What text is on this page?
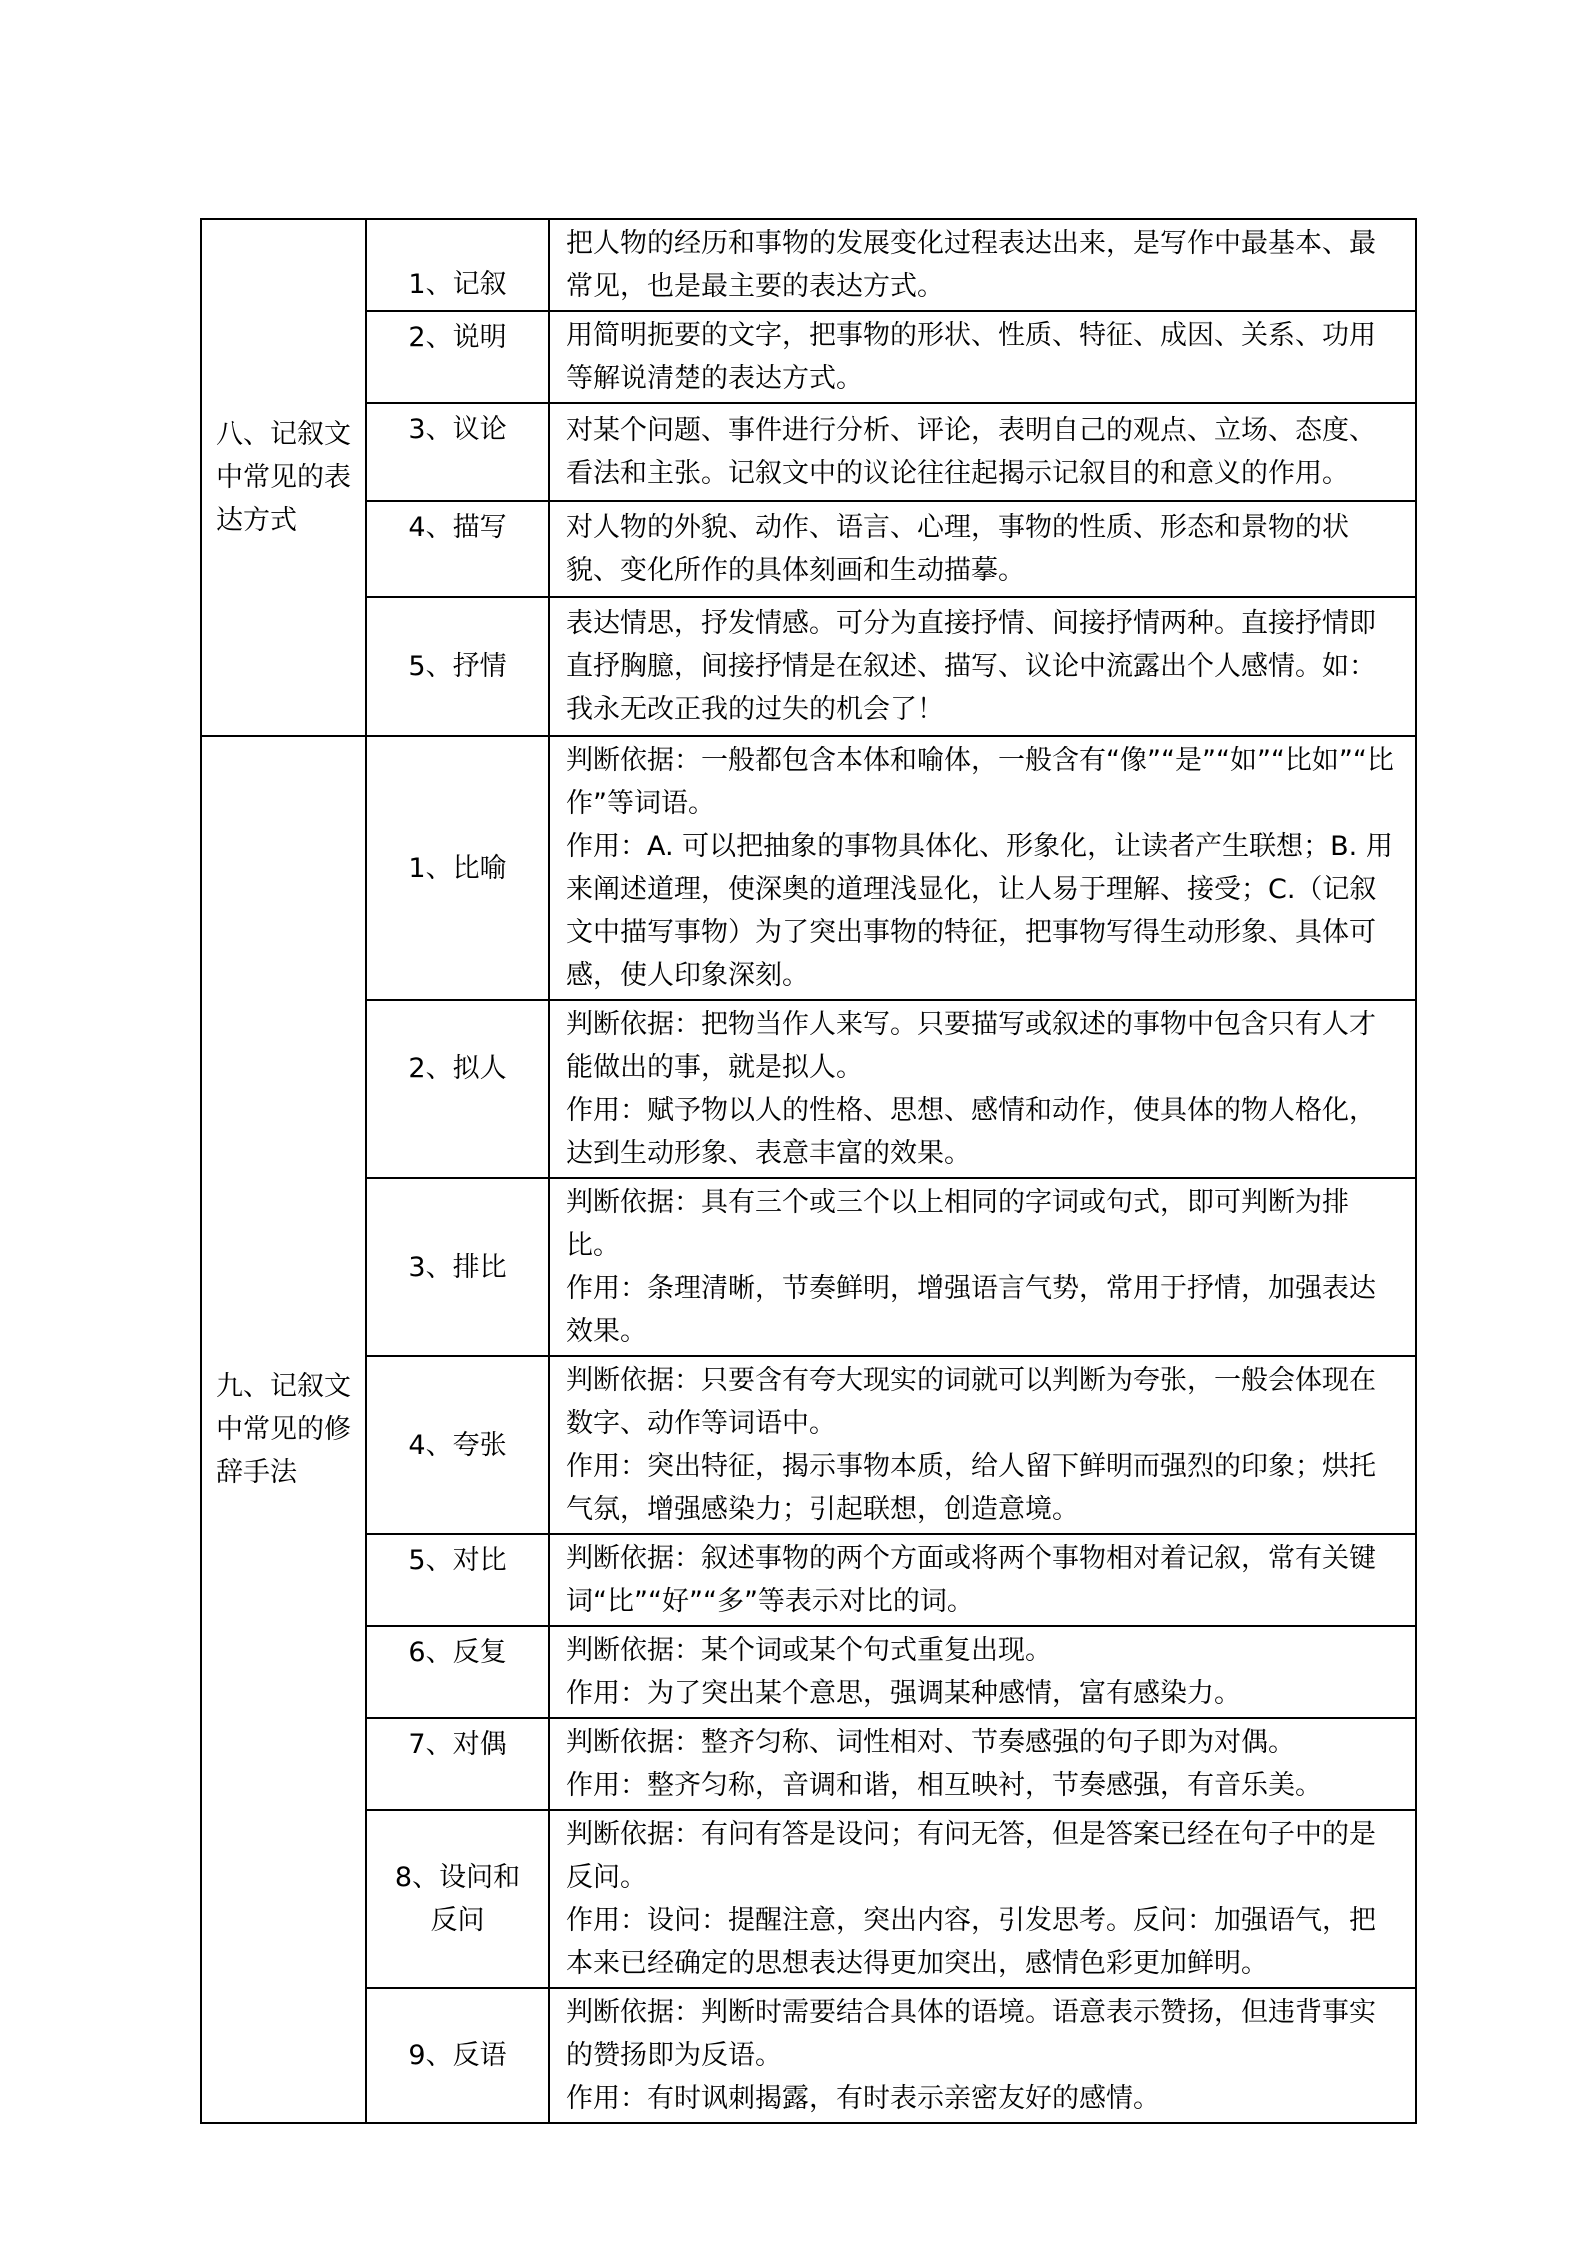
八、记叙文中常见的表达方式	1、记叙	把人物的经历和事物的发展变化过程表达出来，是写作中最基本、最常见，也是最主要的表达方式。

	2、说明	用简明扼要的文字，把事物的形状、性质、特征、成因、关系、功用等解说清楚的表达方式。

	3、议论	对某个问题、事件进行分析、评论，表明自己的观点、立场、态度、看法和主张。记叙文中的议论往往起揭示记叙目的和意义的作用。

	4、描写	对人物的外貌、动作、语言、心理，事物的性质、形态和景物的状貌、变化所作的具体刻画和生动描摹。

	5、抒情	表达情思，抒发情感。可分为直接抒情、间接抒情两种。直接抒情即直抒胸臆，间接抒情是在叙述、描写、议论中流露出个人感情。如：我永无改正我的过失的机会了！

九、记叙文中常见的修辞手法	1、比喻	判断依据：一般都包含本体和喻体，一般含有“像”“是”“如”“比如”“比作”等词语。

作用：A. 可以把抽象的事物具体化、形象化，让读者产生联想；B. 用来阐述道理，使深奥的道理浅显化，让人易于理解、接受；C.（记叙文中描写事物）为了突出事物的特征，把事物写得生动形象、具体可感，使人印象深刻。

	2、拟人	判断依据：把物当作人来写。只要描写或叙述的事物中包含只有人才能做出的事，就是拟人。

作用：赋予物以人的性格、思想、感情和动作，使具体的物人格化，达到生动形象、表意丰富的效果。

	3、排比	判断依据：具有三个或三个以上相同的字词或句式，即可判断为排比。

作用：条理清晰，节奏鲜明，增强语言气势，常用于抒情，加强表达效果。

	4、夸张	判断依据：只要含有夸大现实的词就可以判断为夸张，一般会体现在数字、动作等词语中。

作用：突出特征，揭示事物本质，给人留下鲜明而强烈的印象；烘托气氛，增强感染力；引起联想，创造意境。

	5、对比	判断依据：叙述事物的两个方面或将两个事物相对着记叙，常有关键词“比”“好”“多”等表示对比的词。

	6、反复	判断依据：某个词或某个句式重复出现。

作用：为了突出某个意思，强调某种感情，富有感染力。

	7、对偶	判断依据：整齐匀称、词性相对、节奏感强的句子即为对偶。

作用：整齐匀称，音调和谐，相互映衬，节奏感强，有音乐美。

	8、设问和反问	判断依据：有问有答是设问；有问无答，但是答案已经在句子中的是反问。

作用：设问：提醒注意，突出内容，引发思考。反问：加强语气，把本来已经确定的思想表达得更加突出，感情色彩更加鲜明。

	9、反语	判断依据：判断时需要结合具体的语境。语意表示赞扬，但违背事实的赞扬即为反语。

作用：有时讽刺揭露，有时表示亲密友好的感情。
